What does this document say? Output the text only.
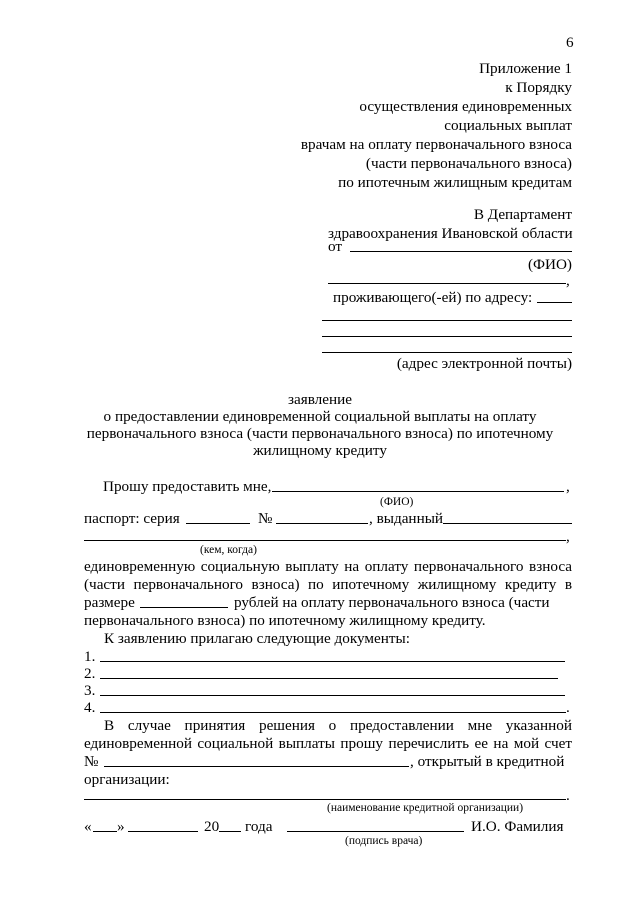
6
Приложение 1
к Порядку
осуществления единовременных
социальных выплат
врачам на оплату первоначального взноса
(части первоначального взноса)
по ипотечным жилищным кредитам
В Департамент
здравоохранения Ивановской области
от
(ФИО)
,
проживающего(-ей) по адресу:
(адрес электронной почты)
заявление
о предоставлении единовременной социальной выплаты на оплату
первоначального взноса (части первоначального взноса) по ипотечному
жилищному кредиту
Прошу предоставить мне,	,
(ФИО)
паспорт: серия	№	, выданный
,
(кем, когда)
единовременную социальную выплату на оплату первоначального взноса
(части первоначального взноса) по ипотечному жилищному кредиту в
размере	рублей на оплату первоначального взноса (части
первоначального взноса) по ипотечному жилищному кредиту.
К заявлению прилагаю следующие документы:
1.
2.
3.
4.	.
В случае принятия решения о предоставлении мне указанной
единовременной социальной выплаты прошу перечислить ее на мой счет
№	, открытый в кредитной
организации:
.
(наименование кредитной организации)
« »	20 года	И.О. Фамилия
(подпись врача)
